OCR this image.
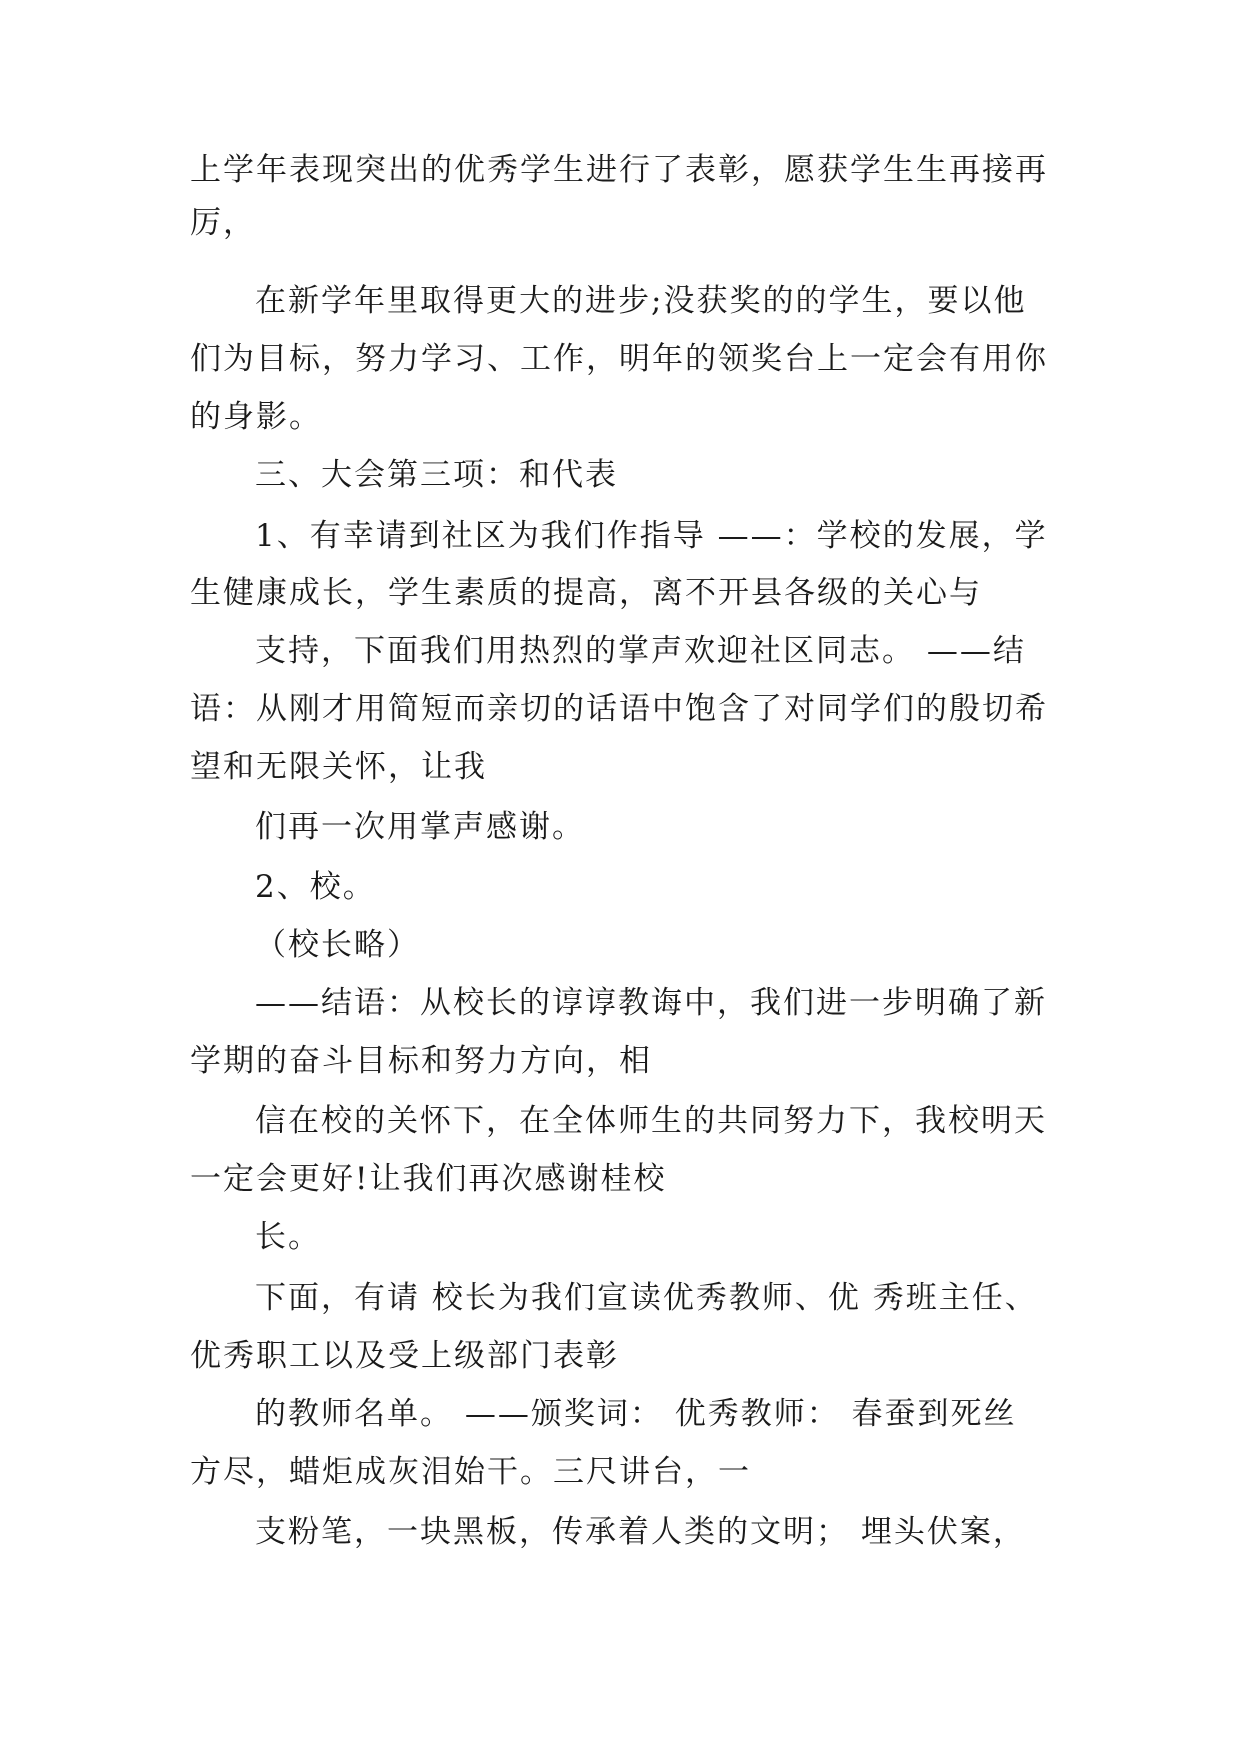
上学年表现突出的优秀学生进行了表彰，愿获学生生再接再

厉，

在新学年里取得更大的进步;没获奖的的学生，要以他

们为目标，努力学习、工作，明年的领奖台上一定会有用你

的身影。

三、大会第三项：和代表

1、有幸请到社区为我们作指导 ——：学校的发展，学

生健康成长，学生素质的提高，离不开县各级的关心与

支持，下面我们用热烈的掌声欢迎社区同志。 ——结

语：从刚才用简短而亲切的话语中饱含了对同学们的殷切希

望和无限关怀，让我

们再一次用掌声感谢。

2、校。

（校长略）

——结语：从校长的谆谆教诲中，我们进一步明确了新

学期的奋斗目标和努力方向，相

信在校的关怀下，在全体师生的共同努力下，我校明天

一定会更好!让我们再次感谢桂校

长。

下面，有请 校长为我们宣读优秀教师、优 秀班主任、

优秀职工以及受上级部门表彰

的教师名单。 ——颁奖词： 优秀教师： 春蚕到死丝

方尽，蜡炬成灰泪始干。三尺讲台，一

支粉笔，一块黑板，传承着人类的文明； 埋头伏案，
